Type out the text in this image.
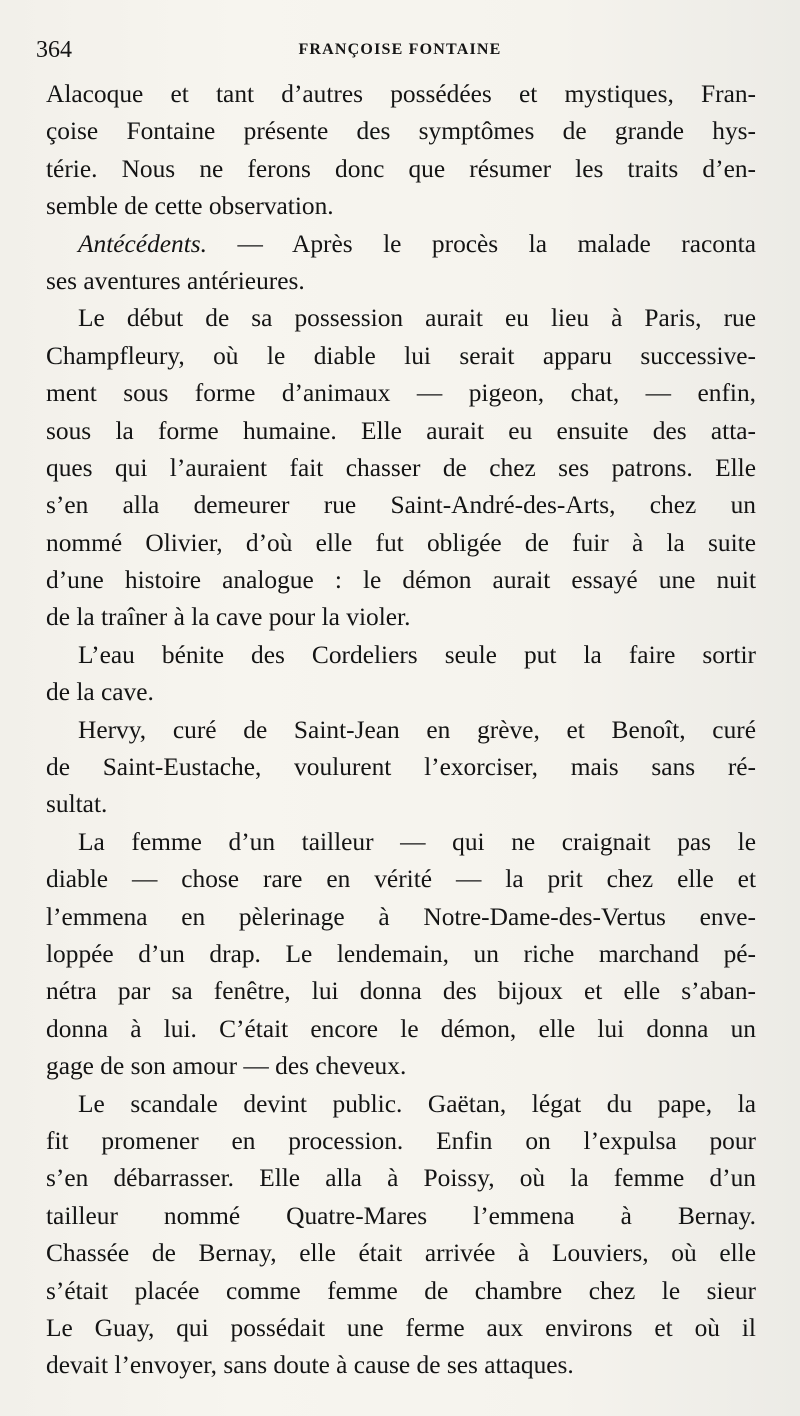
364	FRANÇOISE FONTAINE
Alacoque et tant d’autres possédées et mystiques, Fran-
çoise Fontaine présente des symptômes de grande hys-
térie. Nous ne ferons donc que résumer les traits d’en-
semble de cette observation.
Antécédents. — Après le procès la malade raconta
ses aventures antérieures.
Le début de sa possession aurait eu lieu à Paris, rue
Champfleury, où le diable lui serait apparu successive-
ment sous forme d’animaux — pigeon, chat, — enfin,
sous la forme humaine. Elle aurait eu ensuite des atta-
ques qui l’auraient fait chasser de chez ses patrons. Elle
s’en alla demeurer rue Saint-André-des-Arts, chez un
nommé Olivier, d’où elle fut obligée de fuir à la suite
d’une histoire analogue : le démon aurait essayé une nuit
de la traîner à la cave pour la violer.
L’eau bénite des Cordeliers seule put la faire sortir
de la cave.
Hervy, curé de Saint-Jean en grève, et Benoît, curé
de Saint-Eustache, voulurent l’exorciser, mais sans ré-
sultat.
La femme d’un tailleur — qui ne craignait pas le
diable — chose rare en vérité — la prit chez elle et
l’emmena en pèlerinage à Notre-Dame-des-Vertus enve-
loppée d’un drap. Le lendemain, un riche marchand pé-
nétra par sa fenêtre, lui donna des bijoux et elle s’aban-
donna à lui. C’était encore le démon, elle lui donna un
gage de son amour — des cheveux.
Le scandale devint public. Gaëtan, légat du pape, la
fit promener en procession. Enfin on l’expulsa pour
s’en débarrasser. Elle alla à Poissy, où la femme d’un
tailleur nommé Quatre-Mares l’emmena à Bernay.
Chassée de Bernay, elle était arrivée à Louviers, où elle
s’était placée comme femme de chambre chez le sieur
Le Guay, qui possédait une ferme aux environs et où il
devait l’envoyer, sans doute à cause de ses attaques.
